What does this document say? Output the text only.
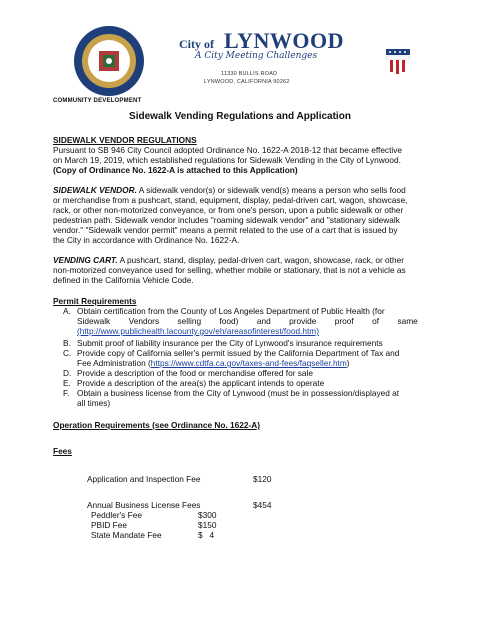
COMMUNITY DEVELOPMENT
City of LYNWOOD
A City Meeting Challenges
11330 BULLIS ROAD
LYNWOOD, CALIFORNIA 90262
Sidewalk Vending Regulations and Application
SIDEWALK VENDOR REGULATIONS
Pursuant to SB 946 City Council adopted Ordinance No. 1622-A 2018-12 that became effective
on March 19, 2019, which established regulations for Sidewalk Vending in the City of Lynwood.
(Copy of Ordinance No. 1622-A is attached to this Application)
SIDEWALK VENDOR. A sidewalk vendor(s) or sidewalk vend(s) means a person who sells food
or merchandise from a pushcart, stand, equipment, display, pedal-driven cart, wagon, showcase,
rack, or other non-motorized conveyance, or from one's person, upon a public sidewalk or other
pedestrian path. Sidewalk vendor includes "roaming sidewalk vendor" and "stationary sidewalk
vendor." "Sidewalk vendor permit" means a permit related to the use of a cart that is issued by
the City in accordance with Ordinance No. 1622-A.
VENDING CART. A pushcart, stand, display, pedal-driven cart, wagon, showcase, rack, or other
non-motorized conveyance used for selling, whether mobile or stationary, that is not a vehicle as
defined in the California Vehicle Code.
Permit Requirements
A. Obtain certification from the County of Los Angeles Department of Public Health (for
Sidewalk        Vendors        selling        food)        and        provide        proof        of        same
(http://www.publichealth.lacounty.gov/eh/areasofinterest/food.htm)
B. Submit proof of liability insurance per the City of Lynwood's insurance requirements
C. Provide copy of California seller's permit issued by the California Department of Tax and
Fee Administration (https://www.cdtfa.ca.gov/taxes-and-fees/faqseller.htm)
D. Provide a description of the food or merchandise offered for sale
E. Provide a description of the area(s) the applicant intends to operate
F. Obtain a business license from the City of Lynwood (must be in possession/displayed at
all times)
Operation Requirements (see Ordinance No. 1622-A)
Fees
Application and Inspection Fee	$120
Annual Business License Fees	$454
Peddler's Fee	$300
PBID Fee	$150
State Mandate Fee	$   4
